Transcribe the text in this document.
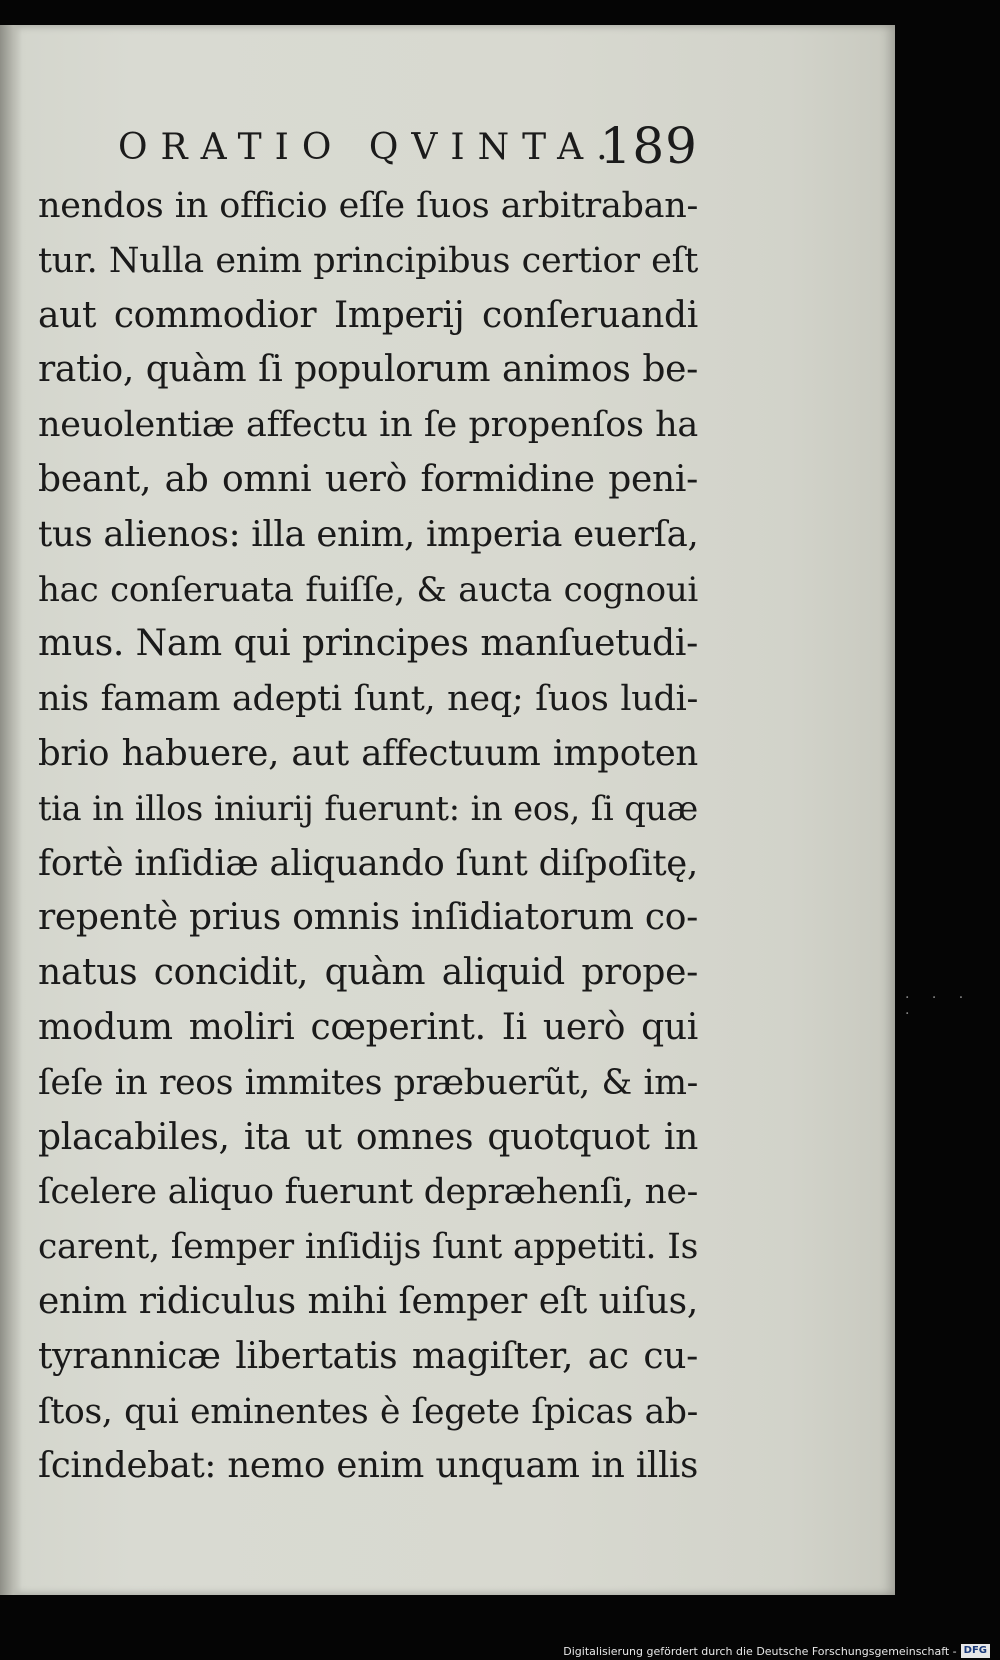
ORATIO QVINTA.
189
nendos in officio eſſe ſuos arbitraban-
tur. Nulla enim principibus certior eſt
aut commodior Imperij conſeruandi
ratio, quàm ſi populorum animos be-
neuolentiæ affectu in ſe propenſos ha
beant, ab omni uerò formidine peni-
tus alienos: illa enim, imperia euerſa,
hac conſeruata fuiſſe, & aucta cognoui
mus. Nam qui principes manſuetudi-
nis famam adepti ſunt, neq; ſuos ludi-
brio habuere, aut affectuum impoten
tia in illos iniurij fuerunt: in eos, ſi quæ
fortè inſidiæ aliquando ſunt diſpoſitę,
repentè prius omnis inſidiatorum co-
natus concidit, quàm aliquid prope-
modum moliri cœperint. Ii uerò qui
ſeſe in reos immites præbuerũt, & im-
placabiles, ita ut omnes quotquot in
ſcelere aliquo fuerunt depræhenſi, ne-
carent, ſemper inſidijs ſunt appetiti. Is
enim ridiculus mihi ſemper eſt uiſus,
tyrannicæ libertatis magiſter, ac cu-
ſtos, qui eminentes è ſegete ſpicas ab-
ſcindebat: nemo enim unquam in illis

· · · ·
Digitalisierung gefördert durch die Deutsche Forschungsgemeinschaft - DFG
